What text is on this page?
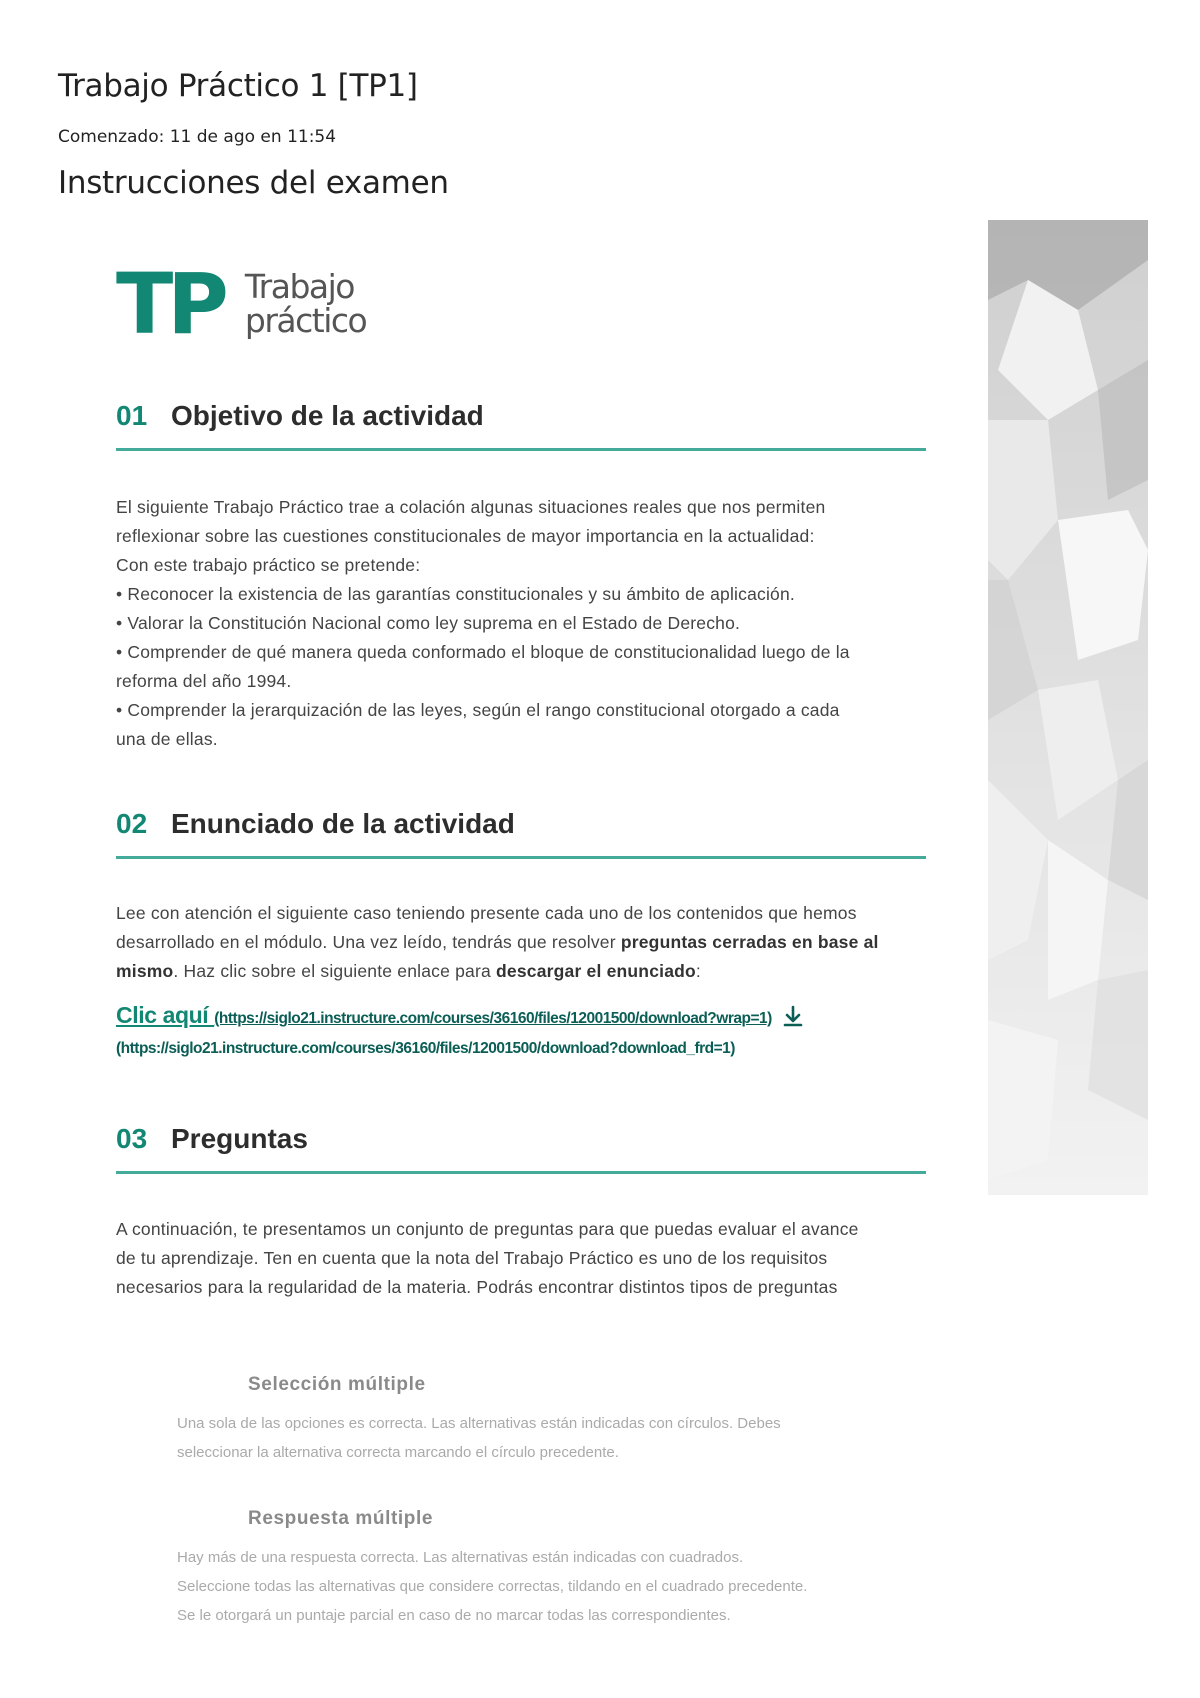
Trabajo Práctico 1 [TP1]
Comenzado: 11 de ago en 11:54
Instrucciones del examen
TP Trabajo
práctico
01 Objetivo de la actividad

El siguiente Trabajo Práctico trae a colación algunas situaciones reales que nos permiten

reflexionar sobre las cuestiones constitucionales de mayor importancia en la actualidad:

Con este trabajo práctico se pretende:

• Reconocer la existencia de las garantías constitucionales y su ámbito de aplicación.

• Valorar la Constitución Nacional como ley suprema en el Estado de Derecho.

• Comprender de qué manera queda conformado el bloque de constitucionalidad luego de la

reforma del año 1994.

• Comprender la jerarquización de las leyes, según el rango constitucional otorgado a cada

una de ellas.

02 Enunciado de la actividad

Lee con atención el siguiente caso teniendo presente cada uno de los contenidos que hemos desarrollado en el módulo. Una vez leído, tendrás que resolver preguntas cerradas en base al mismo. Haz clic sobre el siguiente enlace para descargar el enunciado:

Clic aquí (https://siglo21.instructure.com/courses/36160/files/12001500/download?wrap=1)
(https://siglo21.instructure.com/courses/36160/files/12001500/download?download_frd=1)
03 Preguntas

A continuación, te presentamos un conjunto de preguntas para que puedas evaluar el avance

de tu aprendizaje. Ten en cuenta que la nota del Trabajo Práctico es uno de los requisitos

necesarios para la regularidad de la materia. Podrás encontrar distintos tipos de preguntas

Selección múltiple

Una sola de las opciones es correcta. Las alternativas están indicadas con círculos. Debes

seleccionar la alternativa correcta marcando el círculo precedente.

Respuesta múltiple

Hay más de una respuesta correcta. Las alternativas están indicadas con cuadrados.

Seleccione todas las alternativas que considere correctas, tildando en el cuadrado precedente.

Se le otorgará un puntaje parcial en caso de no marcar todas las correspondientes.
